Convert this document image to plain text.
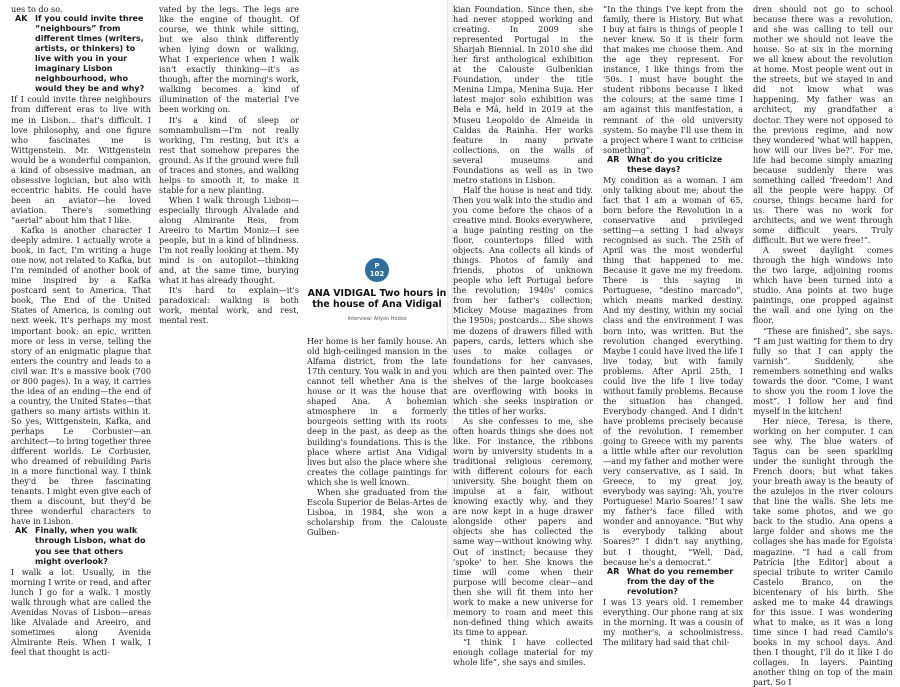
ues to do so.

AK If you could invite three “neighbours” from different times (writers, artists, or thinkers) to live with you in your imaginary Lisbon neighbourhood, who would they be and why?

If I could invite three neighbours from different eras to live with me in Lisbon... that's difficult. I love philosophy, and one figure who fascinates me is Wittgenstein. Mr. Wittgenstein would be a wonderful companion, a kind of obsessive madman, an obsessive logician, but also with eccentric habits. He could have been an aviator—he loved aviation. There's something “aerial” about him that I like.

Kafka is another character I deeply admire. I actually wrote a book, in fact, I'm writing a huge one now, not related to Kafka, but I'm reminded of another book of mine inspired by a Kafka postcard sent to America. That book, The End of the United States of America, is coming out next week. It's perhaps my most important book: an epic, written more or less in verse, telling the story of an enigmatic plague that enters the country and leads to a civil war. It's a massive book (700 or 800 pages). In a way, it carries the idea of an ending—the end of a country, the United States—that gathers so many artists within it. So yes, Wittgenstein, Kafka, and perhaps Le Corbusier—an architect—to bring together three different worlds. Le Corbusier, who dreamed of rebuilding Paris in a more functional way. I think they'd be three fascinating tenants. I might even give each of them a discount, but they'd be three wonderful characters to have in Lisbon.

AK Finally, when you walk through Lisbon, what do you see that others might overlook?

I walk a lot. Usually, in the morning I write or read, and after lunch I go for a walk. I mostly walk through what are called the Avenidas Novas of Lisbon—areas like Alvalade and Areeiro, and sometimes along Avenida Almirante Reis. When I walk, I feel that thought is acti-

vated by the legs. The legs are like the engine of thought. Of course, we think while sitting, but we also think differently when lying down or walking. What I experience when I walk isn't exactly thinking—it's as though, after the morning's work, walking becomes a kind of illumination of the material I've been working on.

It's a kind of sleep or somnambulism—I'm not really working, I'm resting, but it's a rest that somehow prepares the ground. As if the ground were full of traces and stones, and walking helps to smooth it, to make it stable for a new planting.

When I walk through Lisbon—especially through Alvalade and along Almirante Reis, from Areeiro to Martim Moniz—I see people, but in a kind of blindness. I'm not really looking at them. My mind is on autopilot—thinking and, at the same time, burying what it has already thought.

It's hard to explain—it's paradoxical: walking is both work, mental work, and rest, mental rest.

P
102
ANA VIDIGAL Two hours in the house of Ana Vidigal
Interview: Allyon Hodos

Her home is her family house. An old high-ceilinged mansion in the Alfama district, from the late 17th century. You walk in and you cannot tell whether Ana is the house or it was the house that shaped Ana. A bohemian atmosphere in a formerly bourgeois setting with its roots deep in the past, as deep as the building's foundations. This is the place where artist Ana Vidigal lives but also the place where she creates the collage paintings for which she is well known.

When she graduated from the Escola Superior de Belas-Artes de Lisboa, in 1984, she won a scholarship from the Calouste Gulben-

kian Foundation. Since then, she had never stopped working and creating. In 2009 she represented Portugal in the Sharjah Biennial. In 2010 she did her first anthological exhibition at the Calouste Gulbenkian Foundation, under the title Menina Limpa, Menina Suja. Her latest major solo exhibition was Bela e Má, held in 2019 at the Museu Leopoldo de Almeida in Caldas da Rainha. Her works feature in many private collections, on the walls of several museums and Foundations as well as in two metro stations in Lisbon.

Half the house is neat and tidy. Then you walk into the studio and you come before the chaos of a creative mind. Books everywhere, a huge painting resting on the floor, countertops filled with objects. Ana collects all kinds of things. Photos of family and friends, photos of unknown people who left Portugal before the revolution; 1940s' comics from her father's collection; Mickey Mouse magazines from the 1950s; postcards... She shows me dozens of drawers filled with papers, cards, letters which she uses to make collages or foundations for her canvases, which are then painted over. The shelves of the large bookcases are overflowing with books in which she seeks inspiration or the titles of her works.

As she confesses to me, she often hoards things she does not like. For instance, the ribbons worn by university students in a traditional religious ceremony, with different colours for each university. She bought them on impulse at a fair, without knowing exactly why, and they are now kept in a huge drawer alongside other papers and objects she has collected the same way—without knowing why. Out of instinct; because they 'spoke' to her. She knows the time will come when their purpose will become clear—and then she will fit them into her work to make a new universe for memory to roam and meet this non-defined thing which awaits its time to appear.

“I think I have collected enough collage material for my whole life”, she says and smiles.

“In the things I've kept from the family, there is History. But what I buy at fairs is things of people I never knew. So it is their form that makes me choose them. And the age they represent. For instance, I like things from the '50s. I must have bought the student ribbons because I liked the colours; at the same time I am against this manifestation, a remnant of the old university system. So maybe I'll use them in a project where I want to criticise something”.

AR What do you criticize these days?

My condition as a woman. I am only talking about me; about the fact that I am a woman of 65, born before the Revolution in a conservative and privileged setting—a setting I had always recognised as such. The 25th of April was the most wonderful thing that happened to me. Because it gave me my freedom. There is this saying in Portuguese, “destino marcado”, which means marked destiny. And my destiny, within my social class and the environment I was born into, was written. But the revolution changed everything. Maybe I could have lived the life I live today, but with family problems. After April 25th, I could live the life I live today without family problems. Because the situation has changed. Everybody changed. And I didn't have problems precisely because of the revolution. I remember going to Greece with my parents a little while after our revolution—and my father and mother were very conservative, as I said. In Greece, to my great joy, everybody was saying: ‘Ah, you're Portuguese! Mario Soares!’ I saw my father's face filled with wonder and annoyance. “But why is everybody talking about Soares?” I didn't say anything, but I thought, “Well, Dad, because he's a democrat.”

AR What do you remember from the day of the revolution?

I was 13 years old. I remember everything. Our phone rang at six in the morning. It was a cousin of my mother's, a schoolmistress. The military had said that chil-

dren should not go to school because there was a revolution, and she was calling to tell our mother we should not leave the house. So at six in the morning we all knew about the revolution at home. Most people went out in the streets, but we stayed in and did not know what was happening. My father was an architect, my grandfather a doctor. They were not opposed to the previous regime, and now they wondered ‘what will happen, how will our lives be?’. For me, life had become simply amazing because suddenly there was something called ‘freedom’! And all the people were happy. Of course, things became hard for us. There was no work for architects, and we went through some difficult years. Truly difficult. But we were free!”.

A sweet daylight comes through the high windows into the two large, adjoining rooms which have been turned into a studio. Ana points at two huge paintings, one propped against the wall and one lying on the floor.

“These are finished”, she says. “I am just waiting for them to dry fully so that I can apply the varnish”. Suddenly, she remembers something and walks towards the door. “Come, I want to show you the room I love the most”. I follow her and find myself in the kitchen!

Her niece, Teresa, is there, working on her computer. I can see why. The blue waters of Tagus can be seen sparkling under the sunlight through the French doors; but what takes your breath away is the beauty of the azulejos in the river colours that line the walls. She lets me take some photos, and we go back to the studio. Ana opens a large folder and shows me the collages she has made for Egoista magazine. “I had a call from Patrícia [the Editor] about a special tribute to writer Camilo Castelo Branco, on the bicentenary of his birth. She asked me to make 44 drawings for this issue. I was wondering what to make, as it was a long time since I had read Camilo's books in my school days. And then I thought, I'll do it like I do collages. In layers. Painting another thing on top of the main part. So I
